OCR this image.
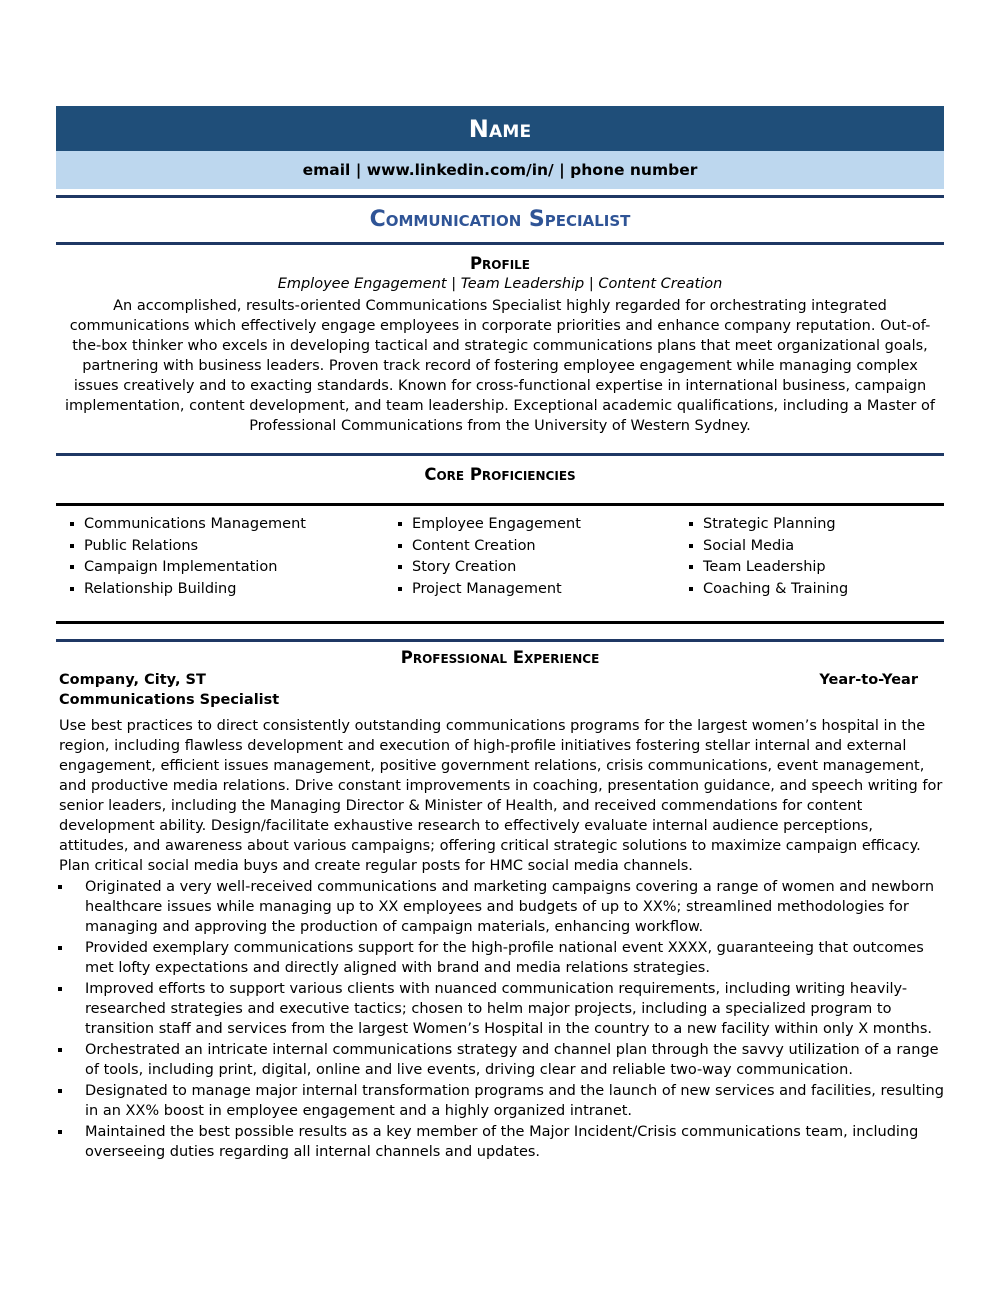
Name
email | www.linkedin.com/in/ | phone number
Communication Specialist
Profile
Employee Engagement | Team Leadership | Content Creation
An accomplished, results-oriented Communications Specialist highly regarded for orchestrating integrated communications which effectively engage employees in corporate priorities and enhance company reputation. Out-of-the-box thinker who excels in developing tactical and strategic communications plans that meet organizational goals, partnering with business leaders. Proven track record of fostering employee engagement while managing complex issues creatively and to exacting standards. Known for cross-functional expertise in international business, campaign implementation, content development, and team leadership. Exceptional academic qualifications, including a Master of Professional Communications from the University of Western Sydney.
Core Proficiencies
Communications Management
Public Relations
Campaign Implementation
Relationship Building
Employee Engagement
Content Creation
Story Creation
Project Management
Strategic Planning
Social Media
Team Leadership
Coaching & Training
Professional Experience
Company, City, ST	Year-to-Year
Communications Specialist
Use best practices to direct consistently outstanding communications programs for the largest women’s hospital in the region, including flawless development and execution of high-profile initiatives fostering stellar internal and external engagement, efficient issues management, positive government relations, crisis communications, event management, and productive media relations. Drive constant improvements in coaching, presentation guidance, and speech writing for senior leaders, including the Managing Director & Minister of Health, and received commendations for content development ability. Design/facilitate exhaustive research to effectively evaluate internal audience perceptions, attitudes, and awareness about various campaigns; offering critical strategic solutions to maximize campaign efficacy. Plan critical social media buys and create regular posts for HMC social media channels.
Originated a very well-received communications and marketing campaigns covering a range of women and newborn healthcare issues while managing up to XX employees and budgets of up to XX%; streamlined methodologies for managing and approving the production of campaign materials, enhancing workflow.
Provided exemplary communications support for the high-profile national event XXXX, guaranteeing that outcomes met lofty expectations and directly aligned with brand and media relations strategies.
Improved efforts to support various clients with nuanced communication requirements, including writing heavily-researched strategies and executive tactics; chosen to helm major projects, including a specialized program to transition staff and services from the largest Women’s Hospital in the country to a new facility within only X months.
Orchestrated an intricate internal communications strategy and channel plan through the savvy utilization of a range of tools, including print, digital, online and live events, driving clear and reliable two-way communication.
Designated to manage major internal transformation programs and the launch of new services and facilities, resulting in an XX% boost in employee engagement and a highly organized intranet.
Maintained the best possible results as a key member of the Major Incident/Crisis communications team, including overseeing duties regarding all internal channels and updates.
